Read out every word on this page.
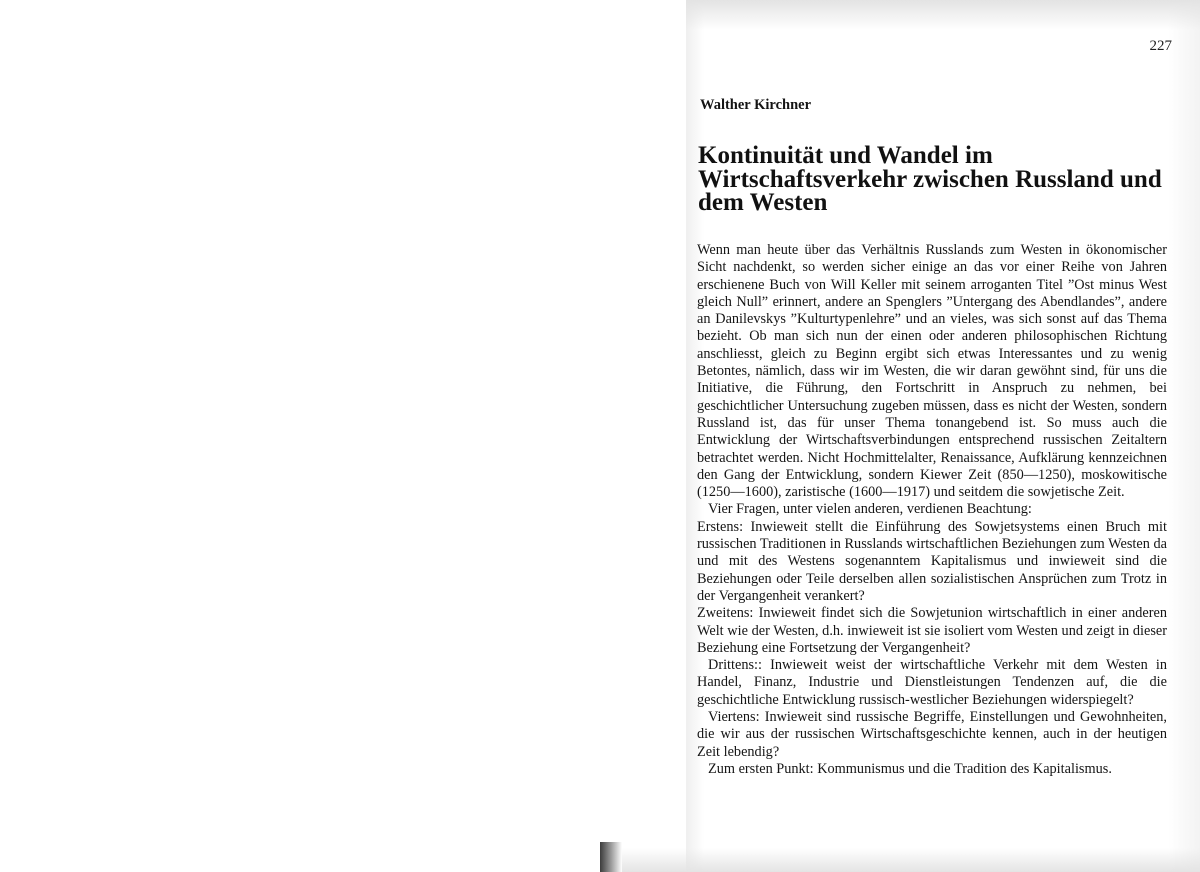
227
Walther Kirchner
Kontinuität und Wandel im Wirtschaftsverkehr zwischen Russland und dem Westen

Wenn man heute über das Verhältnis Russlands zum Westen in ökonomischer Sicht nachdenkt, so werden sicher einige an das vor einer Reihe von Jahren erschienene Buch von Will Keller mit seinem arroganten Titel ”Ost minus West gleich Null” erinnert, andere an Spenglers ”Untergang des Abendlandes”, andere an Danilevskys ”Kulturtypenlehre” und an vieles, was sich sonst auf das Thema bezieht. Ob man sich nun der einen oder anderen philosophischen Richtung anschliesst, gleich zu Beginn ergibt sich etwas Interessantes und zu wenig Betontes, nämlich, dass wir im Westen, die wir daran gewöhnt sind, für uns die Initiative, die Führung, den Fortschritt in Anspruch zu nehmen, bei geschichtlicher Untersuchung zugeben müssen, dass es nicht der Westen, sondern Russland ist, das für unser Thema tonangebend ist. So muss auch die Entwicklung der Wirtschaftsverbindungen entsprechend russischen Zeitaltern betrachtet werden. Nicht Hochmittelalter, Renaissance, Aufklärung kennzeichnen den Gang der Entwicklung, sondern Kiewer Zeit (850—1250), moskowitische (1250—1600), zaristische (1600—1917) und seitdem die sowjetische Zeit.

Vier Fragen, unter vielen anderen, verdienen Beachtung:

Erstens: Inwieweit stellt die Einführung des Sowjetsystems einen Bruch mit russischen Traditionen in Russlands wirtschaftlichen Beziehungen zum Westen da und mit des Westens sogenanntem Kapitalismus und inwieweit sind die Beziehungen oder Teile derselben allen sozialistischen Ansprüchen zum Trotz in der Vergangenheit verankert?

Zweitens: Inwieweit findet sich die Sowjetunion wirtschaftlich in einer anderen Welt wie der Westen, d.h. inwieweit ist sie isoliert vom Westen und zeigt in dieser Beziehung eine Fortsetzung der Vergangenheit?

Drittens:: Inwieweit weist der wirtschaftliche Verkehr mit dem Westen in Handel, Finanz, Industrie und Dienstleistungen Tendenzen auf, die die geschichtliche Entwicklung russisch-westlicher Beziehungen widerspiegelt?

Viertens: Inwieweit sind russische Begriffe, Einstellungen und Gewohnheiten, die wir aus der russischen Wirtschaftsgeschichte kennen, auch in der heutigen Zeit lebendig?

Zum ersten Punkt: Kommunismus und die Tradition des Kapitalismus.
